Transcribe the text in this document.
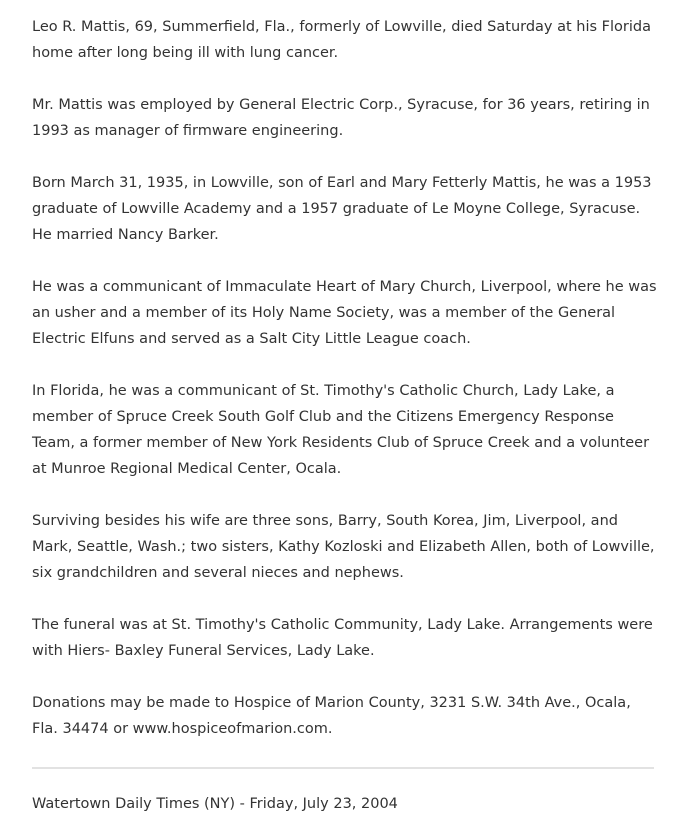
Leo R. Mattis, 69, Summerfield, Fla., formerly of Lowville, died Saturday at his Florida home after long being ill with lung cancer.

Mr. Mattis was employed by General Electric Corp., Syracuse, for 36 years, retiring in 1993 as manager of firmware engineering.

Born March 31, 1935, in Lowville, son of Earl and Mary Fetterly Mattis, he was a 1953 graduate of Lowville Academy and a 1957 graduate of Le Moyne College, Syracuse. He married Nancy Barker.

He was a communicant of Immaculate Heart of Mary Church, Liverpool, where he was an usher and a member of its Holy Name Society, was a member of the General Electric Elfuns and served as a Salt City Little League coach.

In Florida, he was a communicant of St. Timothy's Catholic Church, Lady Lake, a member of Spruce Creek South Golf Club and the Citizens Emergency Response Team, a former member of New York Residents Club of Spruce Creek and a volunteer at Munroe Regional Medical Center, Ocala.

Surviving besides his wife are three sons, Barry, South Korea, Jim, Liverpool, and Mark, Seattle, Wash.; two sisters, Kathy Kozloski and Elizabeth Allen, both of Lowville, six grandchildren and several nieces and nephews.

The funeral was at St. Timothy's Catholic Community, Lady Lake. Arrangements were with Hiers- Baxley Funeral Services, Lady Lake.

Donations may be made to Hospice of Marion County, 3231 S.W. 34th Ave., Ocala, Fla. 34474 or www.hospiceofmarion.com.

Watertown Daily Times (NY) - Friday, July 23, 2004
